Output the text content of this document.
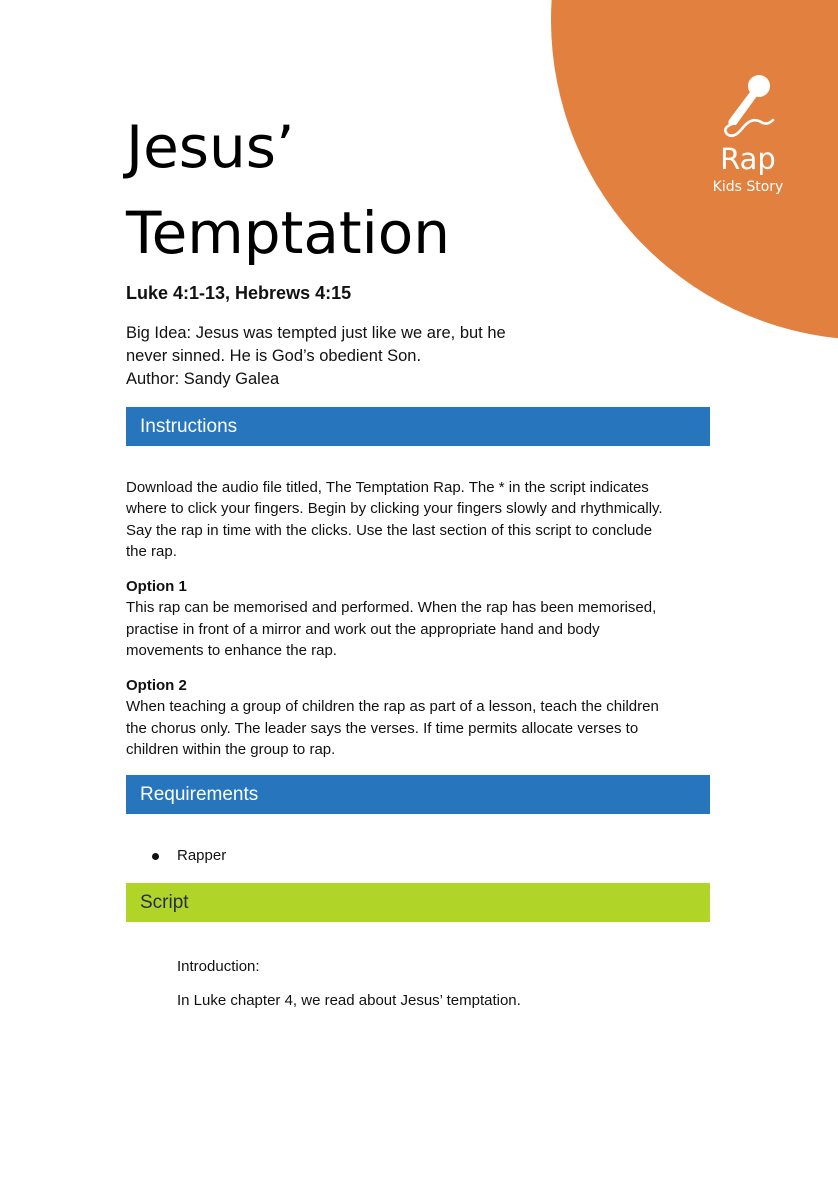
Rap
Kids Story
Jesus’
Temptation
Luke 4:1-13, Hebrews 4:15
Big Idea: Jesus was tempted just like we are, but he
never sinned. He is God’s obedient Son.
Author: Sandy Galea
Instructions
Download the audio file titled, The Temptation Rap. The * in the script indicates
where to click your fingers. Begin by clicking your fingers slowly and rhythmically.
Say the rap in time with the clicks. Use the last section of this script to conclude
the rap.
Option 1
This rap can be memorised and performed. When the rap has been memorised,
practise in front of a mirror and work out the appropriate hand and body
movements to enhance the rap.
Option 2
When teaching a group of children the rap as part of a lesson, teach the children
the chorus only. The leader says the verses. If time permits allocate verses to
children within the group to rap.
Requirements
Rapper
Script
Introduction:
In Luke chapter 4, we read about Jesus’ temptation.
